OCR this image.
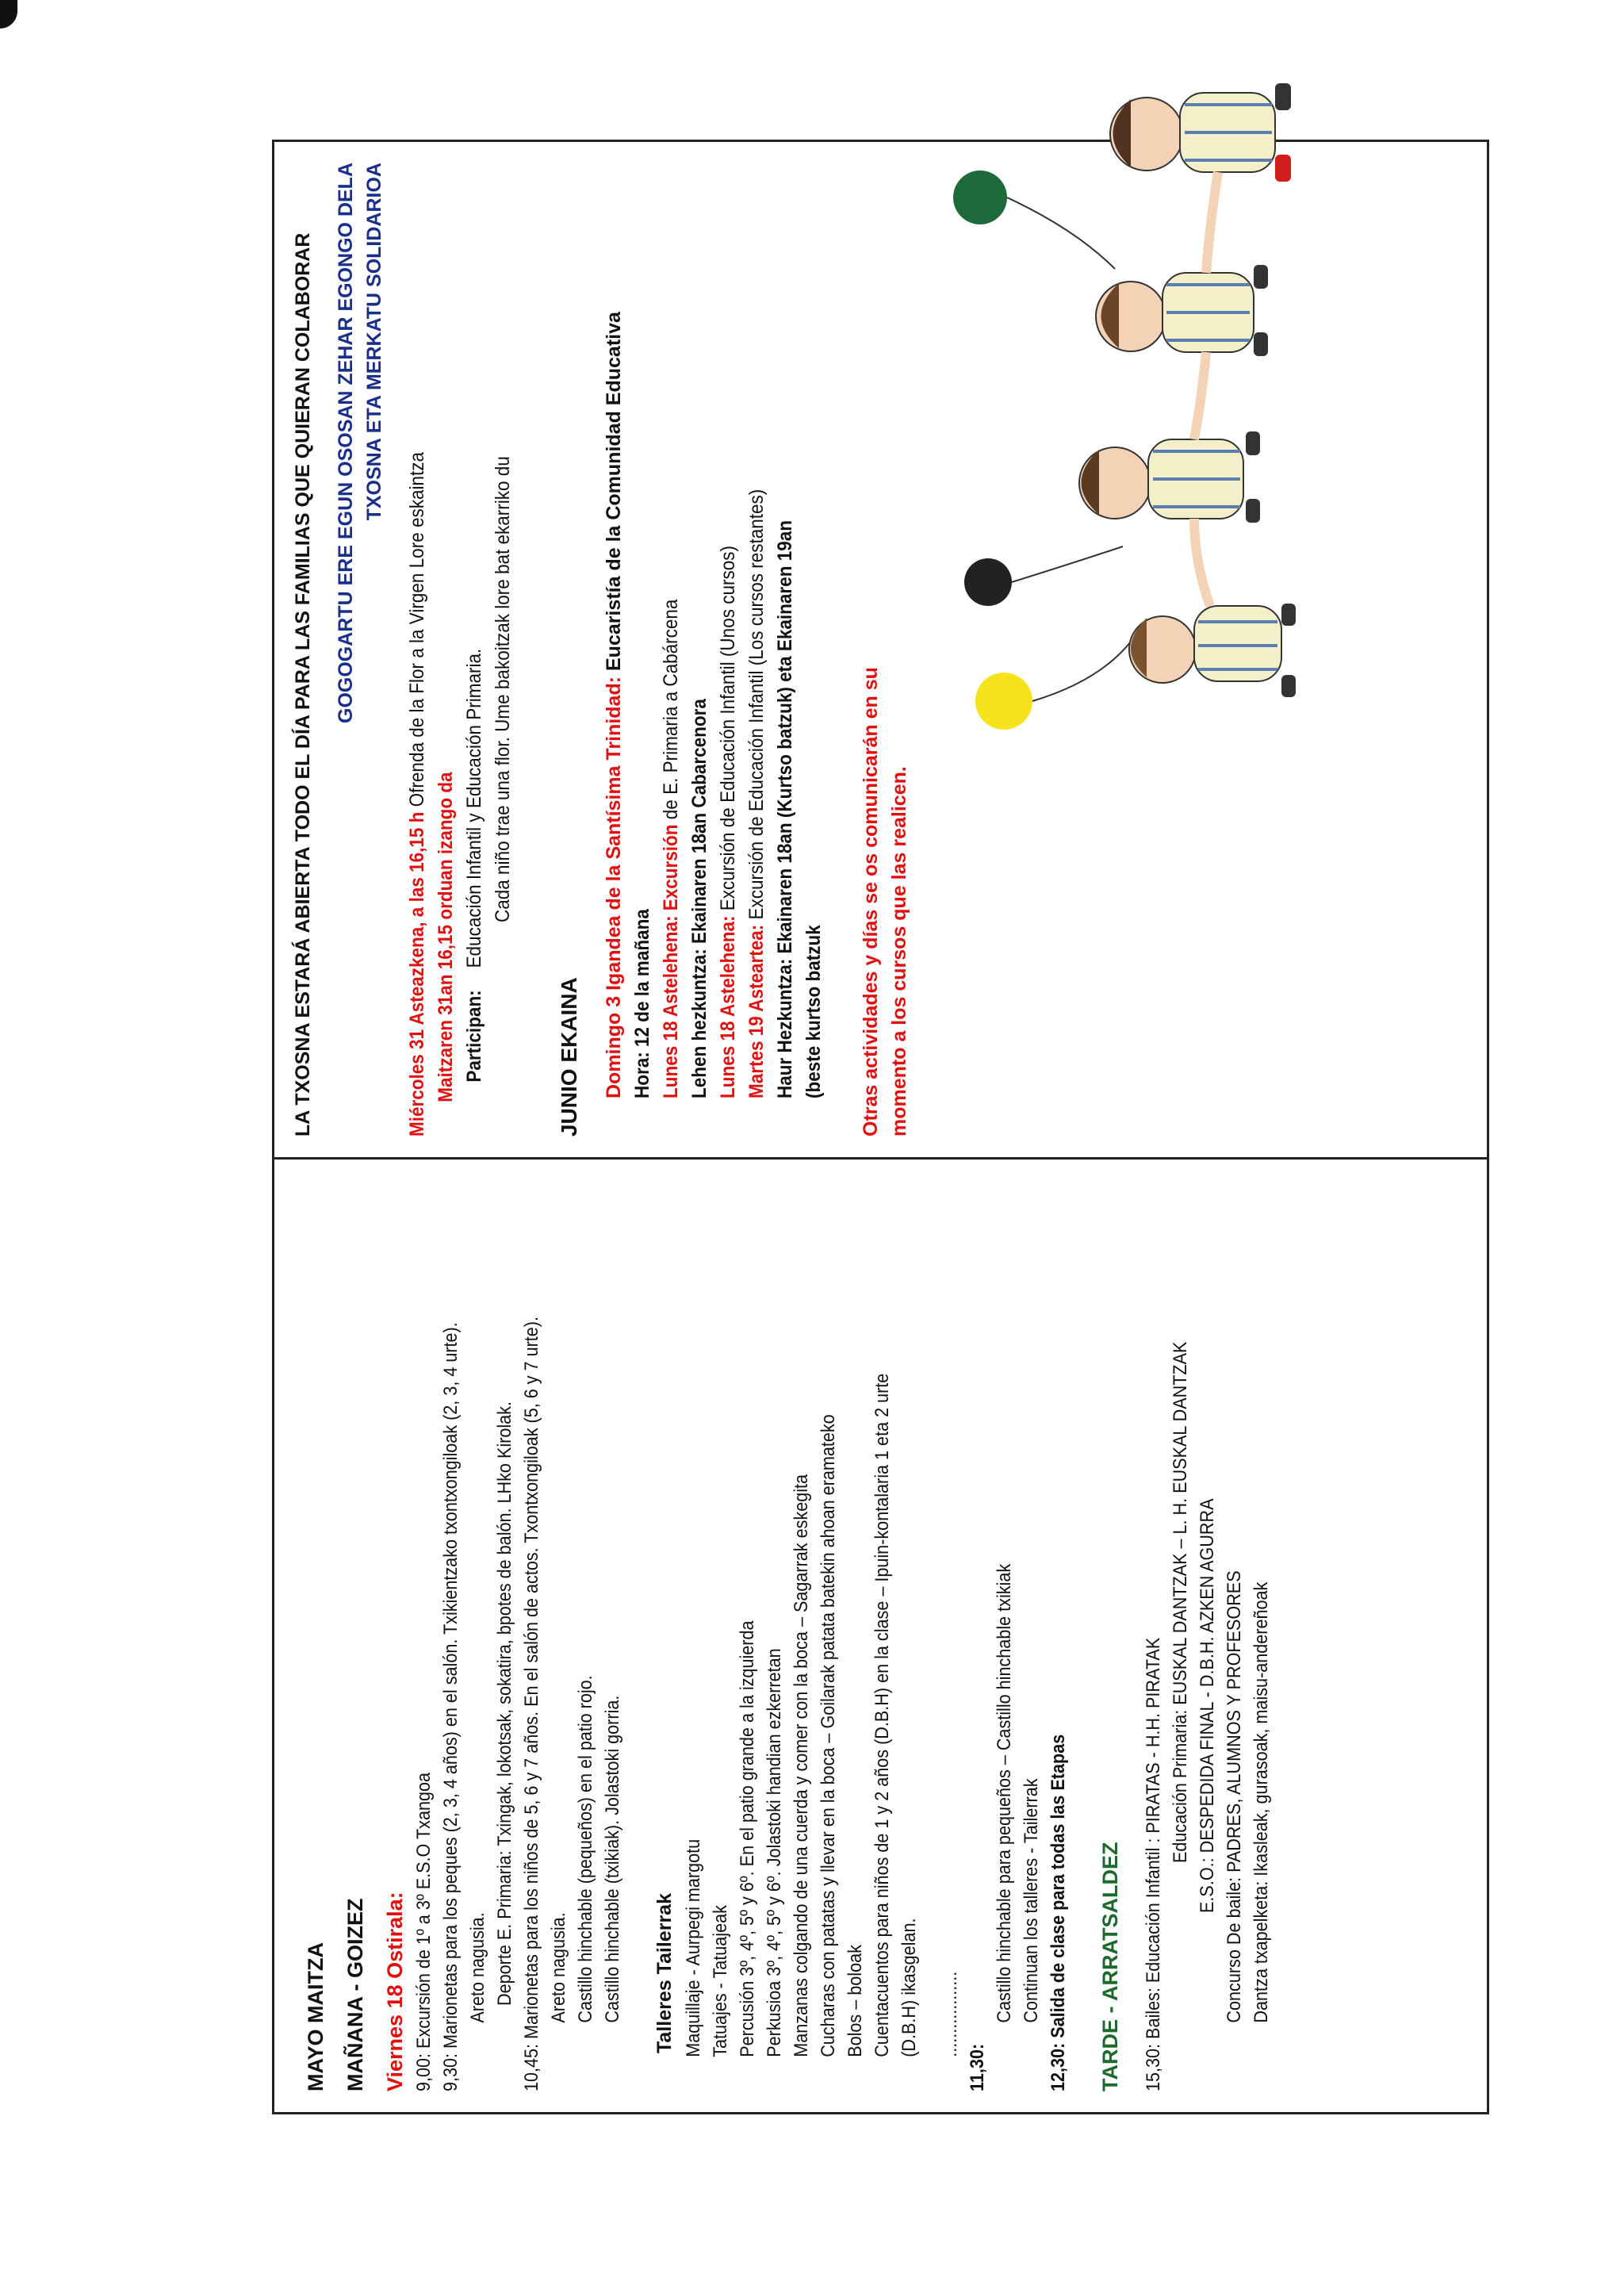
MAYO MAITZA MAÑANA - GOIZEZ Viernes 18 Ostirala: 9,00: Excursión de 1º a 3º E.S.O Txangoa 9,30: Marionetas para los peques (2, 3, 4 años) en el salón. Txikientzako txontxongiloak (2, 3, 4 urte). Areto nagusia. Deporte E. Primaria: Txingak, lokotsak, sokatira, bpotes de balón. LHko Kirolak. 10,45: Marionetas para los niños de 5, 6 y 7 años. En el salón de actos. Txontxongiloak (5, 6 y 7 urte). Areto nagusia. Castillo hinchable (pequeños) en el patio rojo. Castillo hinchable (txikiak). Jolastoki gorria. Talleres Tailerrak Maquillaje - Aurpegi margotu Tatuajes - Tatuajeak Percusión 3º, 4º, 5º y 6º. En el patio grande a la izquierda Perkusioa 3º, 4º, 5º y 6º. Jolastoki handian ezkerretan Manzanas colgando de una cuerda y comer con la boca – Sagarrak eskegita Cucharas con patatas y llevar en la boca – Goilarak patata batekin ahoan eramateko Bolos – boloak Cuentacuentos para niños de 1 y 2 años (D.B.H) en la clase – Ipuin-kontalaria 1 eta 2 urte (D.B.H) ikasgelan. ..................
11,30:
Castillo hinchable para pequeños – Castillo hinchable txikiak Continuan los talleres - Tailerrak 12,30: Salida de clase para todas las Etapas TARDE - ARRATSALDEZ 15,30: Bailes: Educación Infantil : PIRATAS - H.H. PIRATAK
Educación Primaria: EUSKAL DANTZAK – L. H. EUSKAL DANTZAK E.S.O.: DESPEDIDA FINAL - D.B.H. AZKEN AGURRA Concurso De baile: PADRES, ALUMNOS Y PROFESORES Dantza txapelketa: Ikasleak, gurasoak, maisu-andereñoak
LA TXOSNA ESTARÁ ABIERTA TODO EL DÍA PARA LAS FAMILIAS QUE QUIERAN COLABORAR GOGOGARTU ERE EGUN OSOSAN ZEHAR EGONGO DELA TXOSNA ETA MERKATU SOLIDARIOA
Miércoles 31 Asteazkena, a las 16,15 h Ofrenda de la Flor a la Virgen Lore eskaintza
Maitzaren 31an 16,15 orduan izango da Participan: Educación Infantil y Educación Primaria. Cada niño trae una flor. Ume bakoitzak lore bat ekarriko du
JUNIO EKAINA Domingo 3 Igandea de la Santísima Trinidad: Eucaristía de la Comunidad Educativa
Hora: 12 de la mañana Lunes 18 Astelehena: Excursión de E. Primaria a Cabárcena Lehen hezkuntza: Ekainaren 18an Cabarcenora Lunes 18 Astelehena: Excursión de Educación Infantil (Unos cursos)
Martes 19 Asteartea: Excursión de Educación Infantil (Los cursos restantes) Haur Hezkuntza: Ekainaren 18an (Kurtso batzuk) eta Ekainaren 19an (beste kurtso batzuk Otras actividades y días se os comunicarán en su momento a los cursos que las realicen.
